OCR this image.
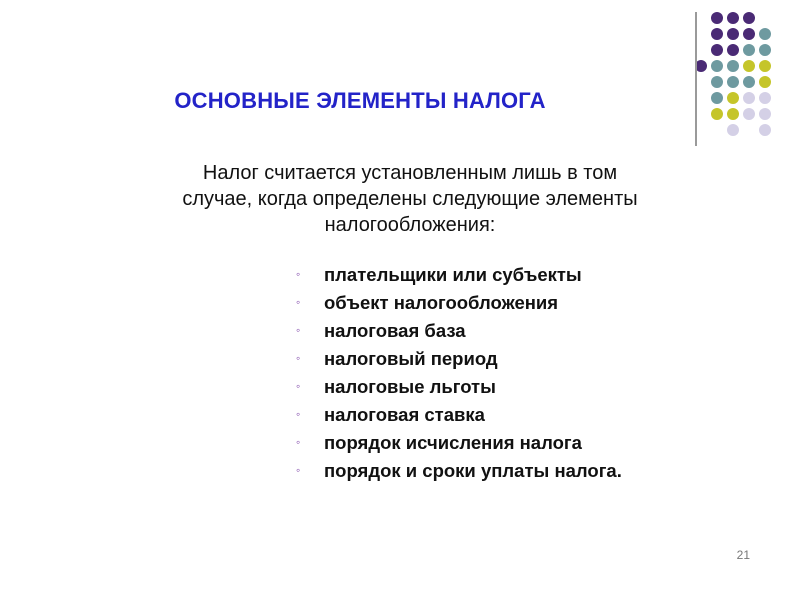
ОСНОВНЫЕ ЭЛЕМЕНТЫ НАЛОГА
Налог считается установленным лишь в том случае, когда определены следующие элементы налогообложения:
◦ плательщики или субъекты
◦ объект налогообложения
◦ налоговая база
◦ налоговый период
◦ налоговые льготы
◦ налоговая ставка
◦ порядок исчисления налога
◦ порядок и сроки уплаты налога.
21
